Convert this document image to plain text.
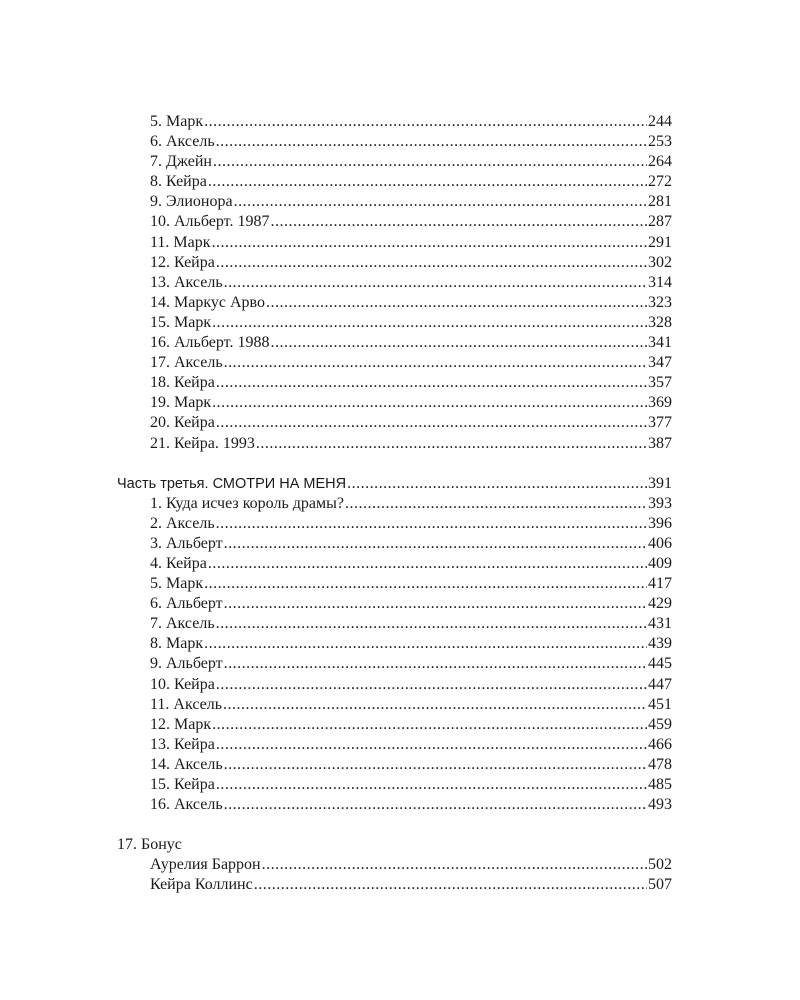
5. Марк .....	244
6. Аксель .....	253
7. Джейн .....	264
8. Кейра .....	272
9. Элионора .....	281
10. Альберт. 1987 .....	287
11. Марк .....	291
12. Кейра .....	302
13. Аксель .....	314
14. Маркус Арво .....	323
15. Марк .....	328
16. Альберт. 1988 .....	341
17. Аксель .....	347
18. Кейра .....	357
19. Марк .....	369
20. Кейра .....	377
21. Кейра. 1993 .....	387
Часть третья. СМОТРИ НА МЕНЯ .....	391
1. Куда исчез король драмы? .....	393
2. Аксель .....	396
3. Альберт .....	406
4. Кейра .....	409
5. Марк .....	417
6. Альберт .....	429
7. Аксель .....	431
8. Марк .....	439
9. Альберт .....	445
10. Кейра .....	447
11. Аксель .....	451
12. Марк .....	459
13. Кейра .....	466
14. Аксель .....	478
15. Кейра .....	485
16. Аксель .....	493
17. Бонус
Аурелия Баррон .....	502
Кейра Коллинс .....	507
